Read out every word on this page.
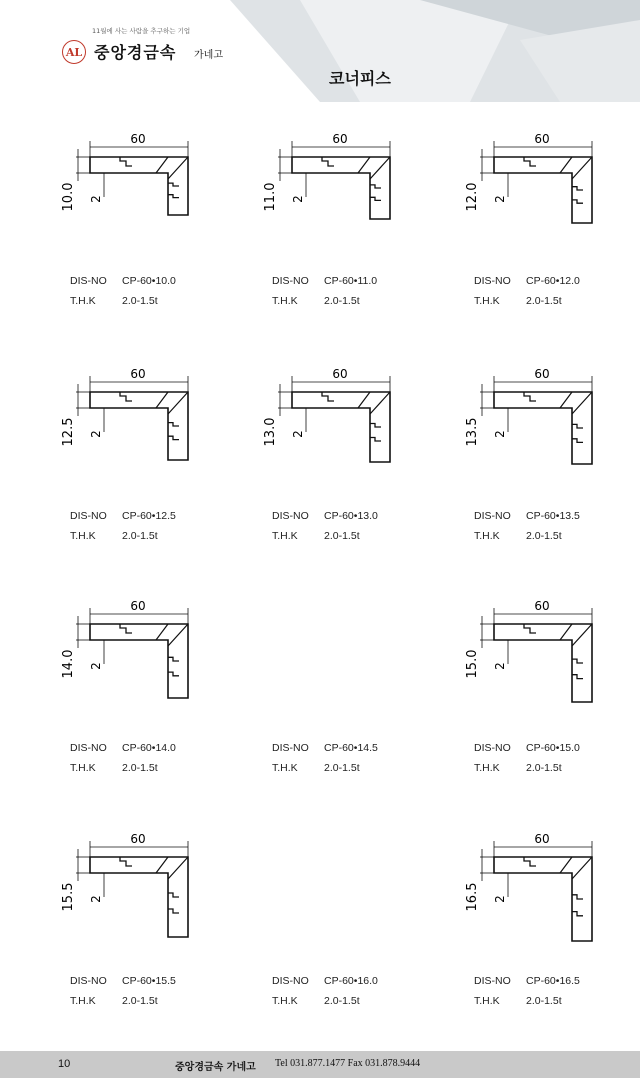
AL
11월에 사는 사람을 추구하는 기업
중앙경금속 가네고
코너피스
60
10.0 2
DIS-NO CP-60•10.0
T.H.K	2.0-1.5t
60
11.0 2
DIS-NO CP-60•11.0
T.H.K	2.0-1.5t
60
12.0 2
DIS-NO CP-60•12.0
T.H.K	2.0-1.5t
60
12.5 2
DIS-NO CP-60•12.5
T.H.K	2.0-1.5t
60
13.0 2
DIS-NO CP-60•13.0
T.H.K	2.0-1.5t
60
13.5 2
DIS-NO CP-60•13.5
T.H.K	2.0-1.5t
60
14.0 2
DIS-NO CP-60•14.0
T.H.K	2.0-1.5t
DIS-NO CP-60•14.5
T.H.K	2.0-1.5t
60
15.0 2
DIS-NO CP-60•15.0
T.H.K	2.0-1.5t
60
15.5 2
DIS-NO CP-60•15.5
T.H.K	2.0-1.5t
DIS-NO CP-60•16.0
T.H.K	2.0-1.5t
60
16.5 2
DIS-NO CP-60•16.5
T.H.K	2.0-1.5t
10	중앙경금속 가네고 Tel 031.877.1477 Fax 031.878.9444
